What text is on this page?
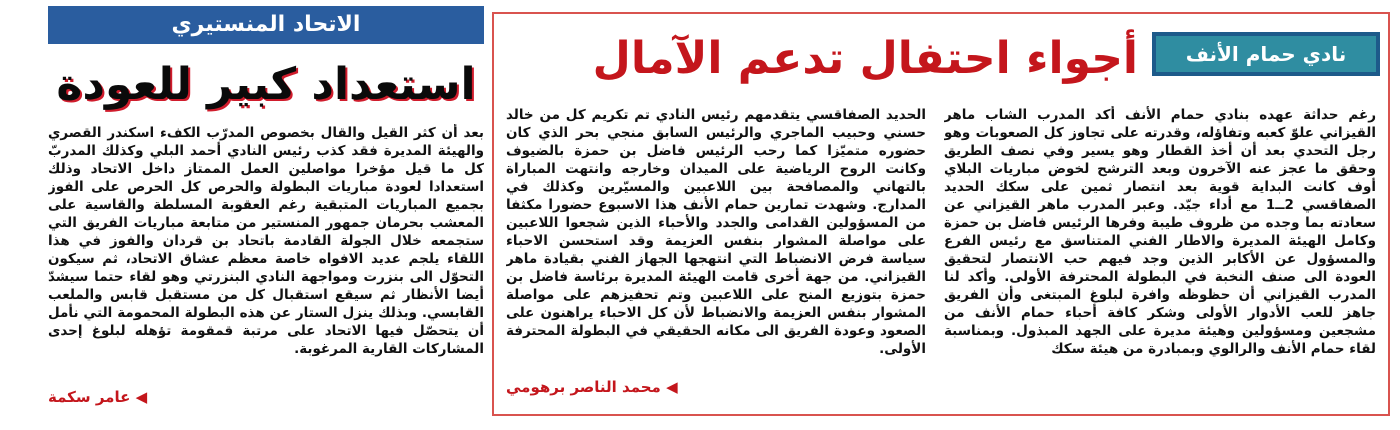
نادي حمام الأنف
أجواء احتفال تدعم الآمال

رغم حداثة عهده بنادي حمام الأنف أكد المدرب الشاب ماهر القيزاني علوّ كعبه وتفاؤله، وقدرته على تجاوز كل الصعوبات وهو رجل التحدي بعد أن أخذ القطار وهو يسير وفي نصف الطريق وحقق ما عجز عنه الآخرون وبعد الترشح لخوض مباريات البلاي أوف كانت البداية قوية بعد انتصار ثمين على سكك الحديد الصفاقسي 2ــ1 مع أداء جيّد. وعبر المدرب ماهر القيزاني عن سعادته بما وجده من ظروف طيبة وفرها الرئيس فاضل بن حمزة وكامل الهيئة المديرة والاطار الفني المتناسق مع رئيس الفرع والمسؤول عن الأكابر الذين وجد فيهم حب الانتصار لتحقيق العودة الى صنف النخبة في البطولة المحترفة الأولى. وأكد لنا المدرب القيزاني أن حظوظه وافرة لبلوغ المبتغى وأن الفريق جاهز للعب الأدوار الأولى وشكر كافة أحباء حمام الأنف من مشجعين ومسؤولين وهيئة مديرة على الجهد المبذول. وبمناسبة لقاء حمام الأنف والرالوي وبمبادرة من هيئة سكك

الحديد الصفاقسي يتقدمهم رئيس النادي تم تكريم كل من خالد حسني وحبيب الماجري والرئيس السابق منجي بحر الذي كان حضوره متميّزا كما رحب الرئيس فاضل بن حمزة بالضيوف وكانت الروح الرياضية على الميدان وخارجه وانتهت المباراة بالتهاني والمصافحة بين اللاعبين والمسيّرين وكذلك في المدارج. وشهدت تمارين حمام الأنف هذا الاسبوع حضورا مكثفا من المسؤولين القدامى والجدد والأحباء الذين شجعوا اللاعبين على مواصلة المشوار بنفس العزيمة وقد استحسن الاحباء سياسة فرض الانضباط التي انتهجها الجهاز الفني بقيادة ماهر القيزاني. من جهة أخرى قامت الهيئة المديرة برئاسة فاضل بن حمزة بتوزيع المنح على اللاعبين وتم تحفيزهم على مواصلة المشوار بنفس العزيمة والانضباط لأن كل الاحباء يراهنون على الصعود وعودة الفريق الى مكانه الحقيقي في البطولة المحترفة الأولى.

◀ محمد الناصر برهومي
الاتحاد المنستيري
استعداد كبير للعودة

بعد أن كثر القيل والقال بخصوص المدرّب الكفء اسكندر القصري والهيئة المديرة فقد كذب رئيس النادي أحمد البلي وكذلك المدربّ كل ما قيل مؤخرا مواصلين العمل الممتاز داخل الاتحاد وذلك استعدادا لعودة مباريات البطولة والحرص كل الحرص على الفوز بجميع المباريات المتبقية رغم العقوبة المسلطة والقاسية على المعشب بحرمان جمهور المنستير من متابعة مباريات الفريق التي ستجمعه خلال الجولة القادمة باتحاد بن قردان والفوز في هذا اللقاء يلجم عديد الافواه خاصة معظم عشاق الاتحاد، ثم سيكون التحوّل الى بنزرت ومواجهة النادي البنزرتي وهو لقاء حتما سيشدّ أيضا الأنظار ثم سيقع استقبال كل من مستقبل قابس والملعب القابسي. وبذلك ينزل الستار عن هذه البطولة المحمومة التي نأمل أن يتحصّل فيها الاتحاد على مرتبة قمقومة تؤهله لبلوغ إحدى المشاركات القارية المرغوبة.

◀ عامر سكمة
